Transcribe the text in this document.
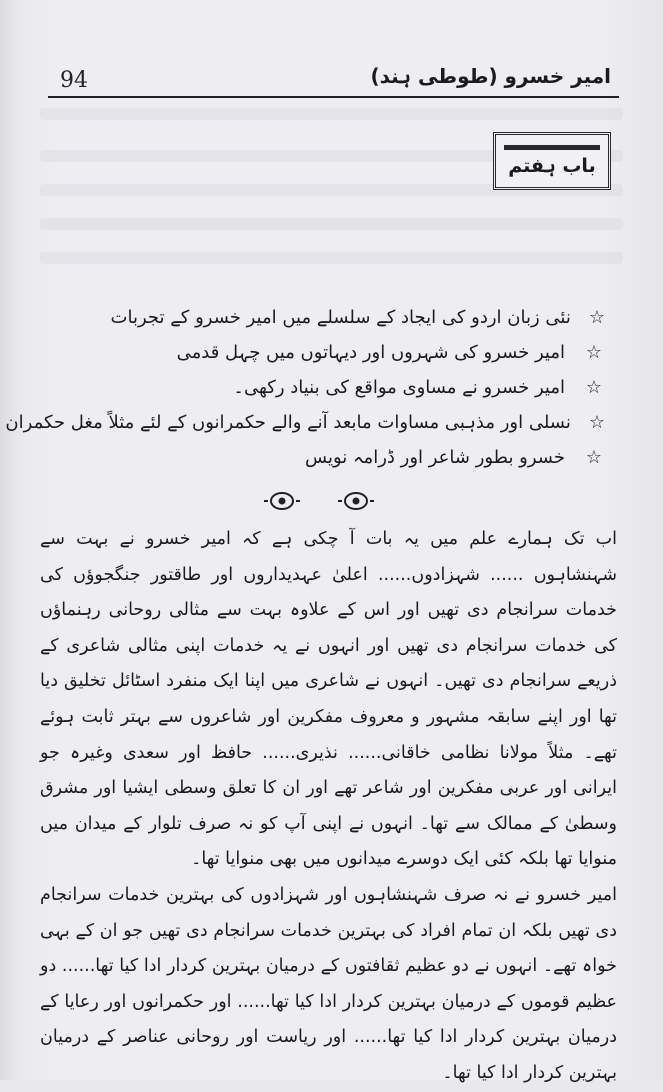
94	امیر خسرو (طوطی ہند)
باب ہفتم
☆
نئی زبان اردو کی ایجاد کے سلسلے میں امیر خسرو کے تجربات
☆
امیر خسرو کی شہروں اور دیہاتوں میں چہل قدمی
☆
امیر خسرو نے مساوی مواقع کی بنیاد رکھی۔
☆
نسلی اور مذہبی مساوات مابعد آنے والے حکمرانوں کے لئے مثلاً مغل حکمران
☆
خسرو بطور شاعر اور ڈرامہ نویس

اب تک ہمارے علم میں یہ بات آ چکی ہے کہ امیر خسرو نے بہت سے شہنشاہوں ...... شہزادوں...... اعلیٰ عہدیداروں اور طاقتور جنگجوؤں کی خدمات سرانجام دی تھیں اور اس کے علاوہ بہت سے مثالی روحانی رہنماؤں کی خدمات سرانجام دی تھیں اور انہوں نے یہ خدمات اپنی مثالی شاعری کے ذریعے سرانجام دی تھیں۔ انہوں نے شاعری میں اپنا ایک منفرد اسٹائل تخلیق دیا تھا اور اپنے سابقہ مشہور و معروف مفکرین اور شاعروں سے بہتر ثابت ہوئے تھے۔ مثلاً مولانا نظامی خاقانی...... نذیری...... حافظ اور سعدی وغیرہ جو ایرانی اور عربی مفکرین اور شاعر تھے اور ان کا تعلق وسطی ایشیا اور مشرق وسطیٰ کے ممالک سے تھا۔ انہوں نے اپنی آپ کو نہ صرف تلوار کے میدان میں منوایا تھا بلکہ کئی ایک دوسرے میدانوں میں بھی منوایا تھا۔

امیر خسرو نے نہ صرف شہنشاہوں اور شہزادوں کی بہترین خدمات سرانجام دی تھیں بلکہ ان تمام افراد کی بہترین خدمات سرانجام دی تھیں جو ان کے بہی خواہ تھے۔ انہوں نے دو عظیم ثقافتوں کے درمیان بہترین کردار ادا کیا تھا...... دو عظیم قوموں کے درمیان بہترین کردار ادا کیا تھا...... اور حکمرانوں اور رعایا کے درمیان بہترین کردار ادا کیا تھا...... اور ریاست اور روحانی عناصر کے درمیان بہترین کردار ادا کیا تھا۔
